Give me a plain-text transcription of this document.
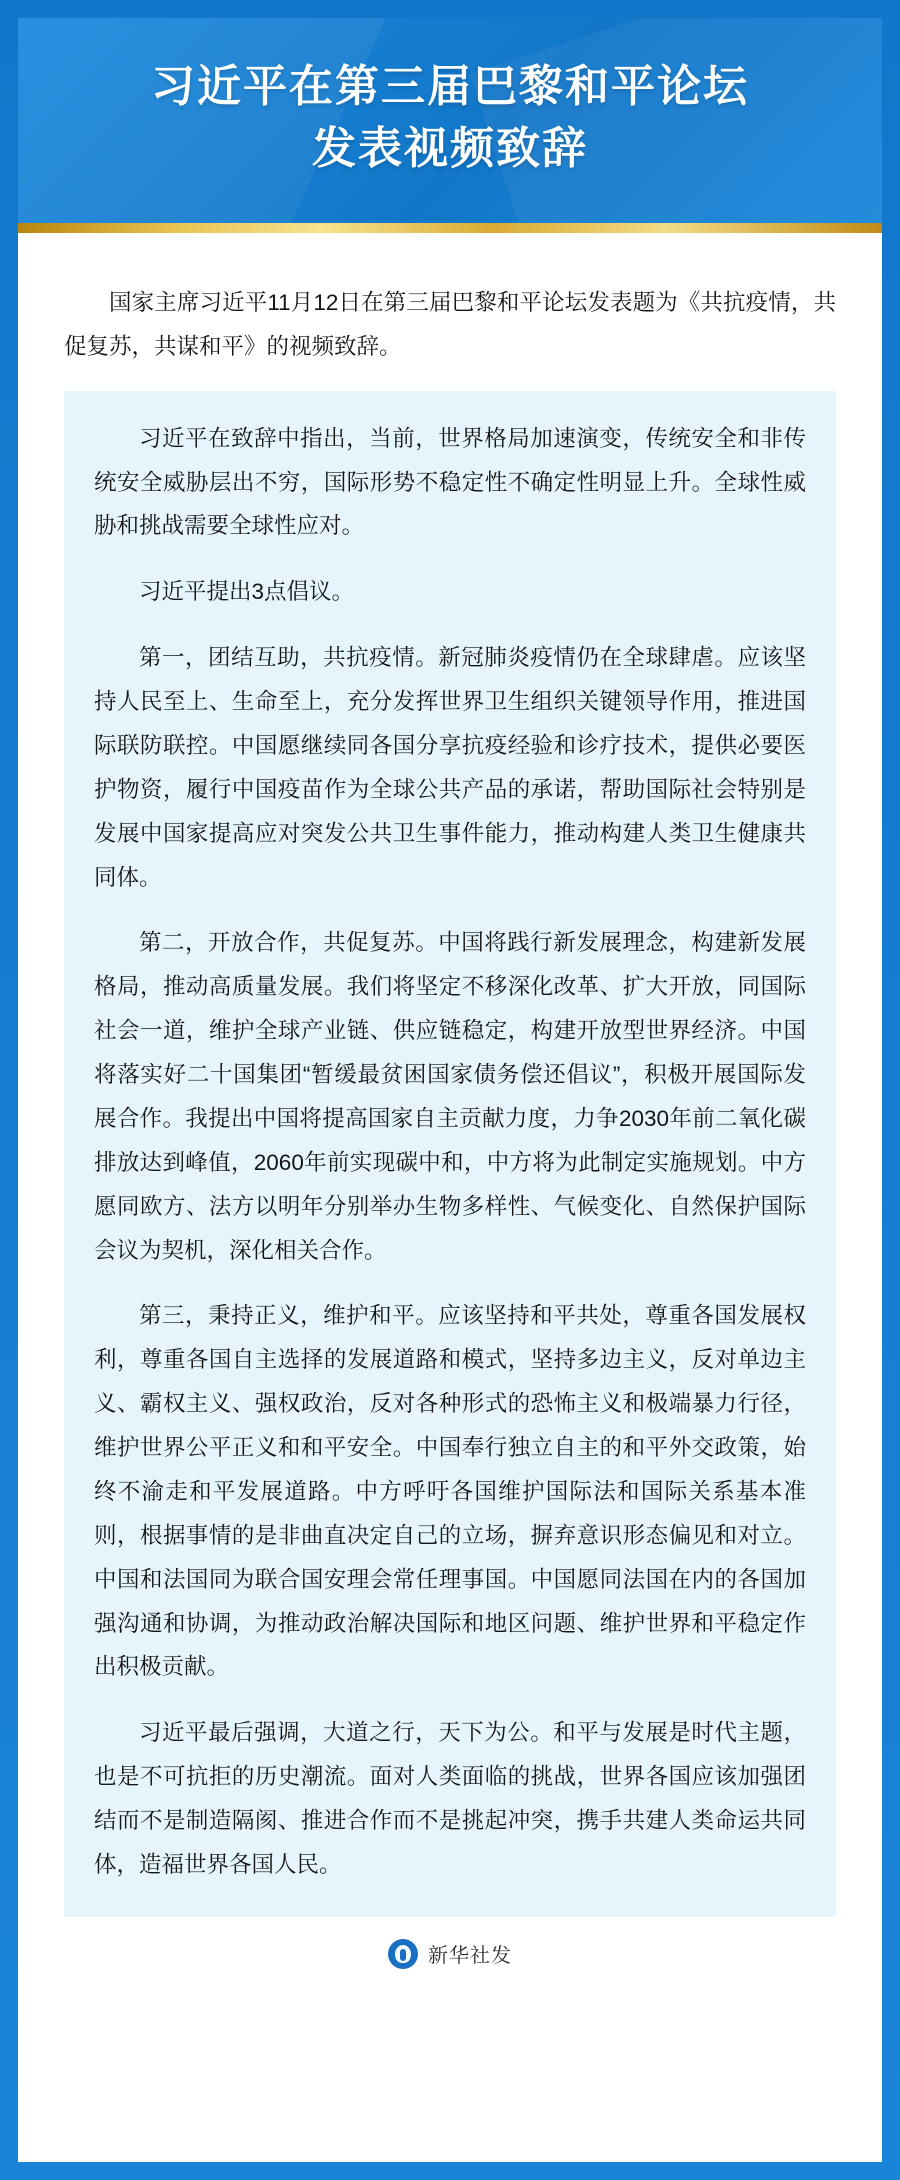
习近平在第三届巴黎和平论坛
发表视频致辞

国家主席习近平11月12日在第三届巴黎和平论坛发表题为《共抗疫情，共促复苏，共谋和平》的视频致辞。

习近平在致辞中指出，当前，世界格局加速演变，传统安全和非传统安全威胁层出不穷，国际形势不稳定性不确定性明显上升。全球性威胁和挑战需要全球性应对。

习近平提出3点倡议。

第一，团结互助，共抗疫情。新冠肺炎疫情仍在全球肆虐。应该坚持人民至上、生命至上，充分发挥世界卫生组织关键领导作用，推进国际联防联控。中国愿继续同各国分享抗疫经验和诊疗技术，提供必要医护物资，履行中国疫苗作为全球公共产品的承诺，帮助国际社会特别是发展中国家提高应对突发公共卫生事件能力，推动构建人类卫生健康共同体。

第二，开放合作，共促复苏。中国将践行新发展理念，构建新发展格局，推动高质量发展。我们将坚定不移深化改革、扩大开放，同国际社会一道，维护全球产业链、供应链稳定，构建开放型世界经济。中国将落实好二十国集团“暂缓最贫困国家债务偿还倡议”，积极开展国际发展合作。我提出中国将提高国家自主贡献力度，力争2030年前二氧化碳排放达到峰值，2060年前实现碳中和，中方将为此制定实施规划。中方愿同欧方、法方以明年分别举办生物多样性、气候变化、自然保护国际会议为契机，深化相关合作。

第三，秉持正义，维护和平。应该坚持和平共处，尊重各国发展权利，尊重各国自主选择的发展道路和模式，坚持多边主义，反对单边主义、霸权主义、强权政治，反对各种形式的恐怖主义和极端暴力行径，维护世界公平正义和和平安全。中国奉行独立自主的和平外交政策，始终不渝走和平发展道路。中方呼吁各国维护国际法和国际关系基本准则，根据事情的是非曲直决定自己的立场，摒弃意识形态偏见和对立。中国和法国同为联合国安理会常任理事国。中国愿同法国在内的各国加强沟通和协调，为推动政治解决国际和地区问题、维护世界和平稳定作出积极贡献。

习近平最后强调，大道之行，天下为公。和平与发展是时代主题，也是不可抗拒的历史潮流。面对人类面临的挑战，世界各国应该加强团结而不是制造隔阂、推进合作而不是挑起冲突，携手共建人类命运共同体，造福世界各国人民。

新华社发
